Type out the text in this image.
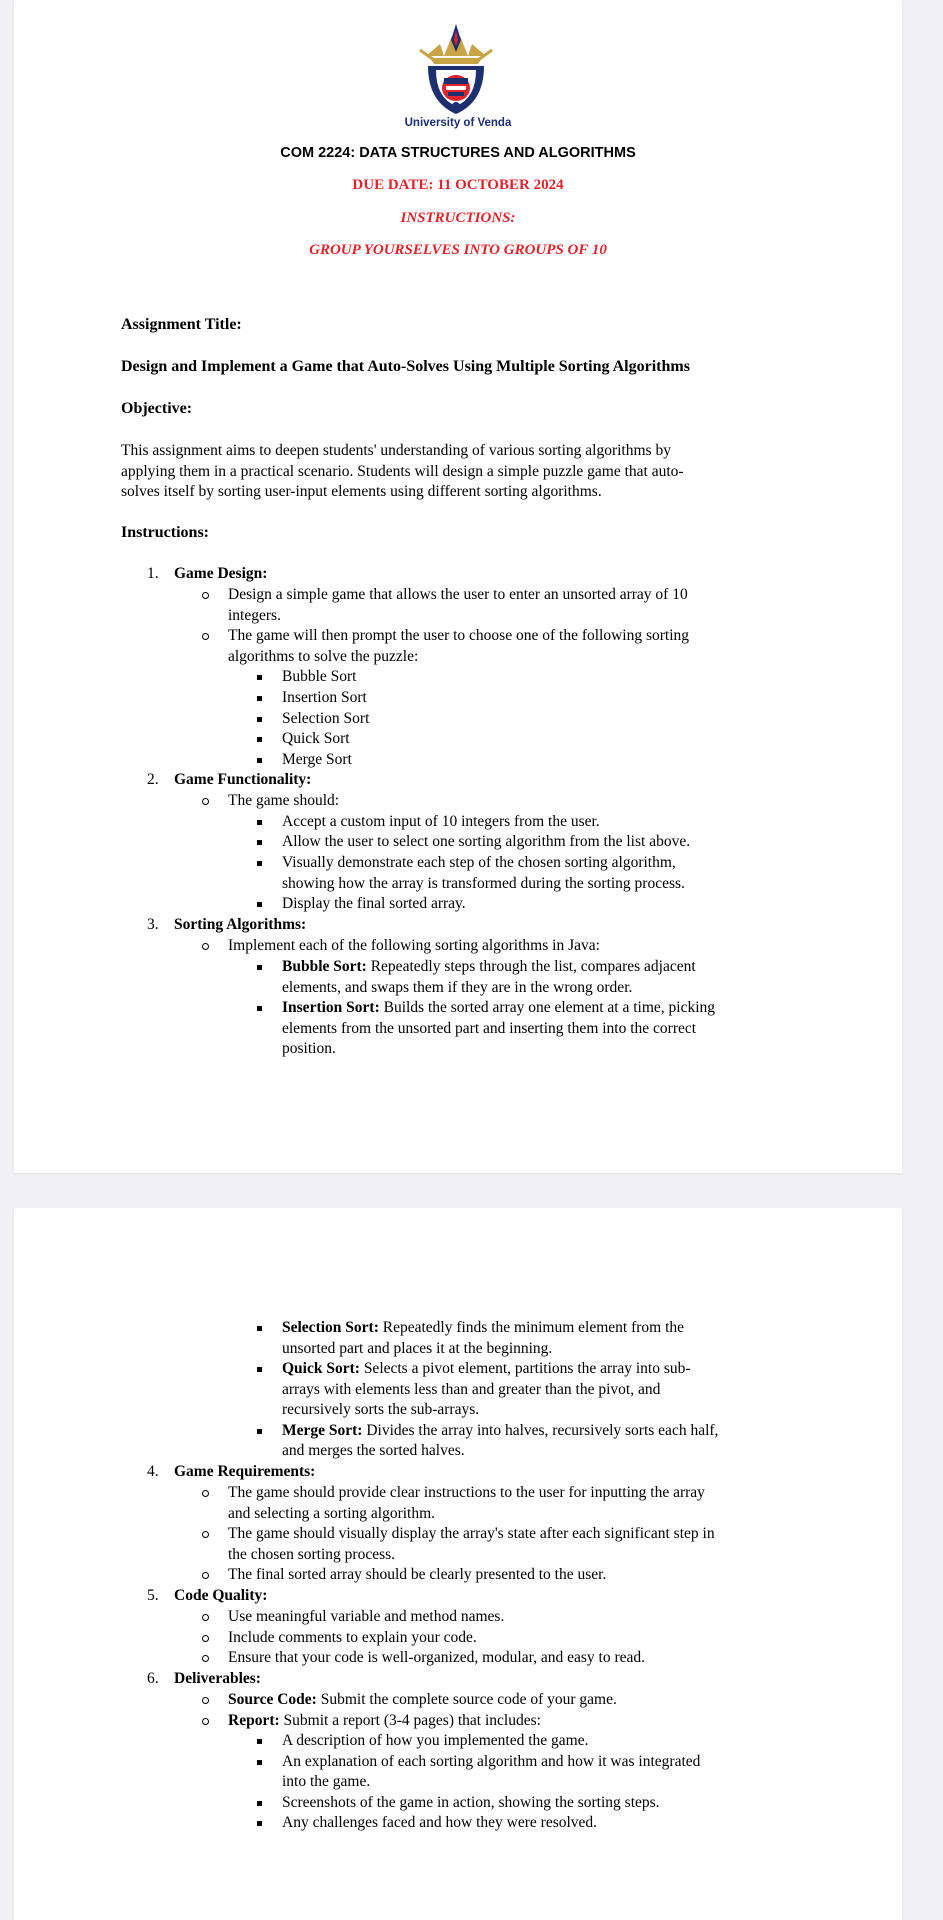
University of Venda
COM 2224: DATA STRUCTURES AND ALGORITHMS
DUE DATE: 11 OCTOBER 2024
INSTRUCTIONS:
GROUP YOURSELVES INTO GROUPS OF 10
Assignment Title:
Design and Implement a Game that Auto-Solves Using Multiple Sorting Algorithms
Objective:
This assignment aims to deepen students' understanding of various sorting algorithms by
applying them in a practical scenario. Students will design a simple puzzle game that auto-
solves itself by sorting user-input elements using different sorting algorithms.
Instructions:
1. Game Design:
Design a simple game that allows the user to enter an unsorted array of 10
integers.
The game will then prompt the user to choose one of the following sorting
algorithms to solve the puzzle:
Bubble Sort
Insertion Sort
Selection Sort
Quick Sort
Merge Sort
2. Game Functionality:
The game should:
Accept a custom input of 10 integers from the user.
Allow the user to select one sorting algorithm from the list above.
Visually demonstrate each step of the chosen sorting algorithm,
showing how the array is transformed during the sorting process.
Display the final sorted array.
3. Sorting Algorithms:
Implement each of the following sorting algorithms in Java:
Bubble Sort: Repeatedly steps through the list, compares adjacent
elements, and swaps them if they are in the wrong order.
Insertion Sort: Builds the sorted array one element at a time, picking
elements from the unsorted part and inserting them into the correct
position.
Selection Sort: Repeatedly finds the minimum element from the
unsorted part and places it at the beginning.
Quick Sort: Selects a pivot element, partitions the array into sub-
arrays with elements less than and greater than the pivot, and
recursively sorts the sub-arrays.
Merge Sort: Divides the array into halves, recursively sorts each half,
and merges the sorted halves.
4. Game Requirements:
The game should provide clear instructions to the user for inputting the array
and selecting a sorting algorithm.
The game should visually display the array's state after each significant step in
the chosen sorting process.
The final sorted array should be clearly presented to the user.
5. Code Quality:
Use meaningful variable and method names.
Include comments to explain your code.
Ensure that your code is well-organized, modular, and easy to read.
6. Deliverables:
Source Code: Submit the complete source code of your game.
Report: Submit a report (3-4 pages) that includes:
A description of how you implemented the game.
An explanation of each sorting algorithm and how it was integrated
into the game.
Screenshots of the game in action, showing the sorting steps.
Any challenges faced and how they were resolved.
